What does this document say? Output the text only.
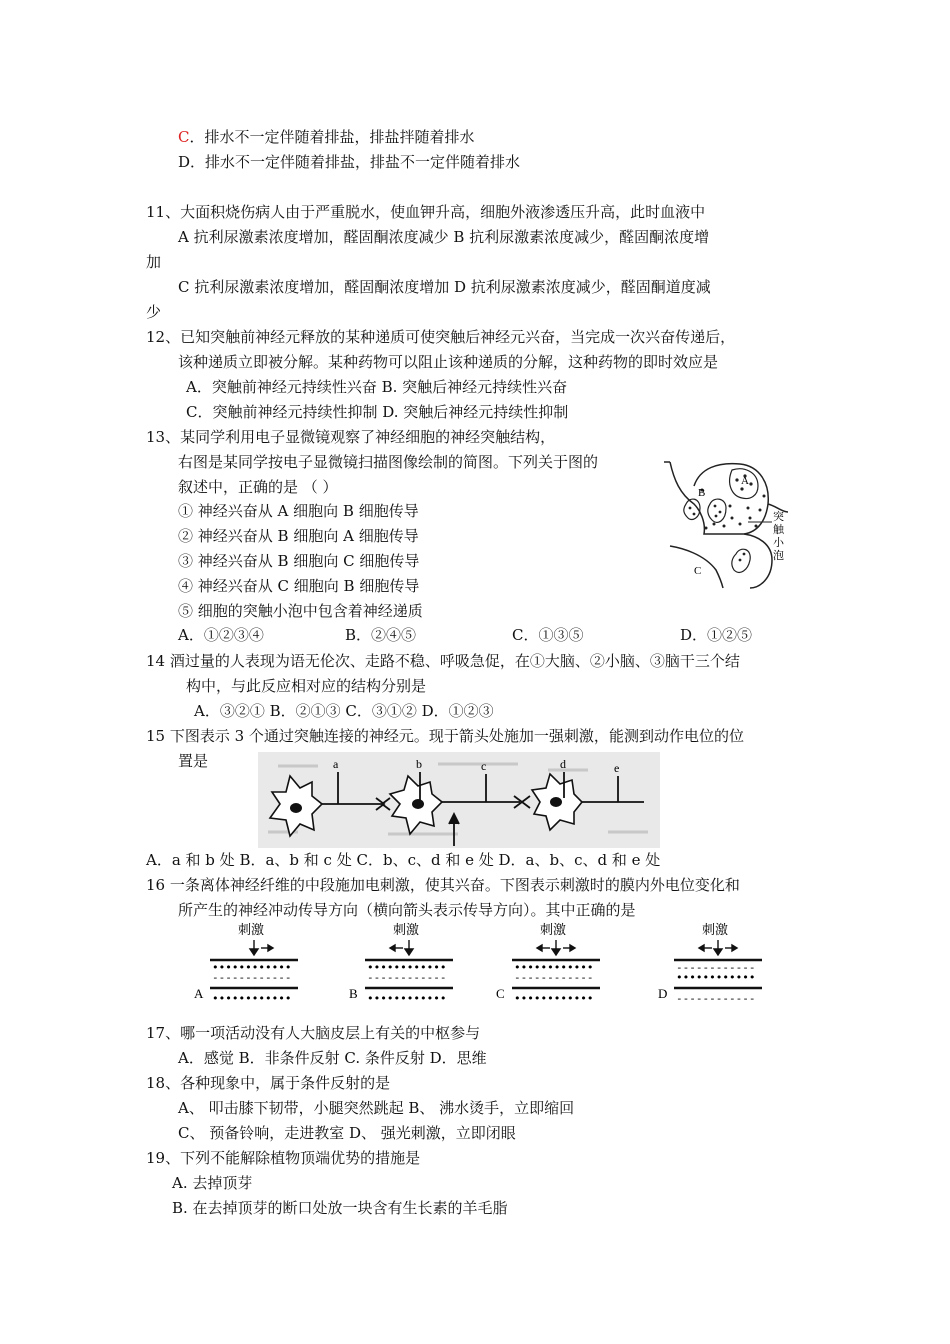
C．排水不一定伴随着排盐，排盐拌随着排水
D．排水不一定伴随着排盐，排盐不一定伴随着排水
11、大面积烧伤病人由于严重脱水，使血钾升高，细胞外液渗透压升高，此时血液中
A 抗利尿激素浓度增加，醛固酮浓度减少 B 抗利尿激素浓度减少，醛固酮浓度增
加
C 抗利尿激素浓度增加，醛固酮浓度增加 D 抗利尿激素浓度减少，醛固酮道度减
少
12、已知突触前神经元释放的某种递质可使突触后神经元兴奋，当完成一次兴奋传递后，
该种递质立即被分解。某种药物可以阻止该种递质的分解，这种药物的即时效应是
A．突触前神经元持续性兴奋 B. 突触后神经元持续性兴奋
C．突触前神经元持续性抑制 D. 突触后神经元持续性抑制
13、某同学利用电子显微镜观察了神经细胞的神经突触结构，
右图是某同学按电子显微镜扫描图像绘制的简图。下列关于图的
叙述中，正确的是 （ ）
① 神经兴奋从 A 细胞向 B 细胞传导
② 神经兴奋从 B 细胞向 A 细胞传导
③ 神经兴奋从 B 细胞向 C 细胞传导
④ 神经兴奋从 C 细胞向 B 细胞传导
⑤ 细胞的突触小泡中包含着神经递质
A．①②③④	B．②④⑤	C．①③⑤	D．①②⑤
A
B
C
突
触
小
泡
14 酒过量的人表现为语无伦次、走路不稳、呼吸急促，在①大脑、②小脑、③脑干三个结
构中，与此反应相对应的结构分别是
A．③②① B．②①③ C．③①② D．①②③
15 下图表示 3 个通过突触连接的神经元。现于箭头处施加一强刺激，能测到动作电位的位
置是	a	b	c	d	e
A．a 和 b 处 B．a、b 和 c 处 C．b、c、d 和 e 处 D．a、b、c、d 和 e 处
16 一条离体神经纤维的中段施加电刺激，使其兴奋。下图表示刺激时的膜内外电位变化和
所产生的神经冲动传导方向（横向箭头表示传导方向）。其中正确的是
刺激
••••••••••••
------------
••••••••••••
A
刺激
••••••••••••
------------
••••••••••••
B
刺激
••••••••••••
------------
••••••••••••
C
刺激
------------
••••••••••••
------------
D
17、哪一项活动没有人大脑皮层上有关的中枢参与
A．感觉 B．非条件反射 C. 条件反射 D．思维
18、各种现象中，属于条件反射的是
A、 叩击膝下韧带，小腿突然跳起 B、 沸水烫手，立即缩回
C、 预备铃响，走进教室 D、 强光刺激，立即闭眼
19、下列不能解除植物顶端优势的措施是
A. 去掉顶芽
B. 在去掉顶芽的断口处放一块含有生长素的羊毛脂
